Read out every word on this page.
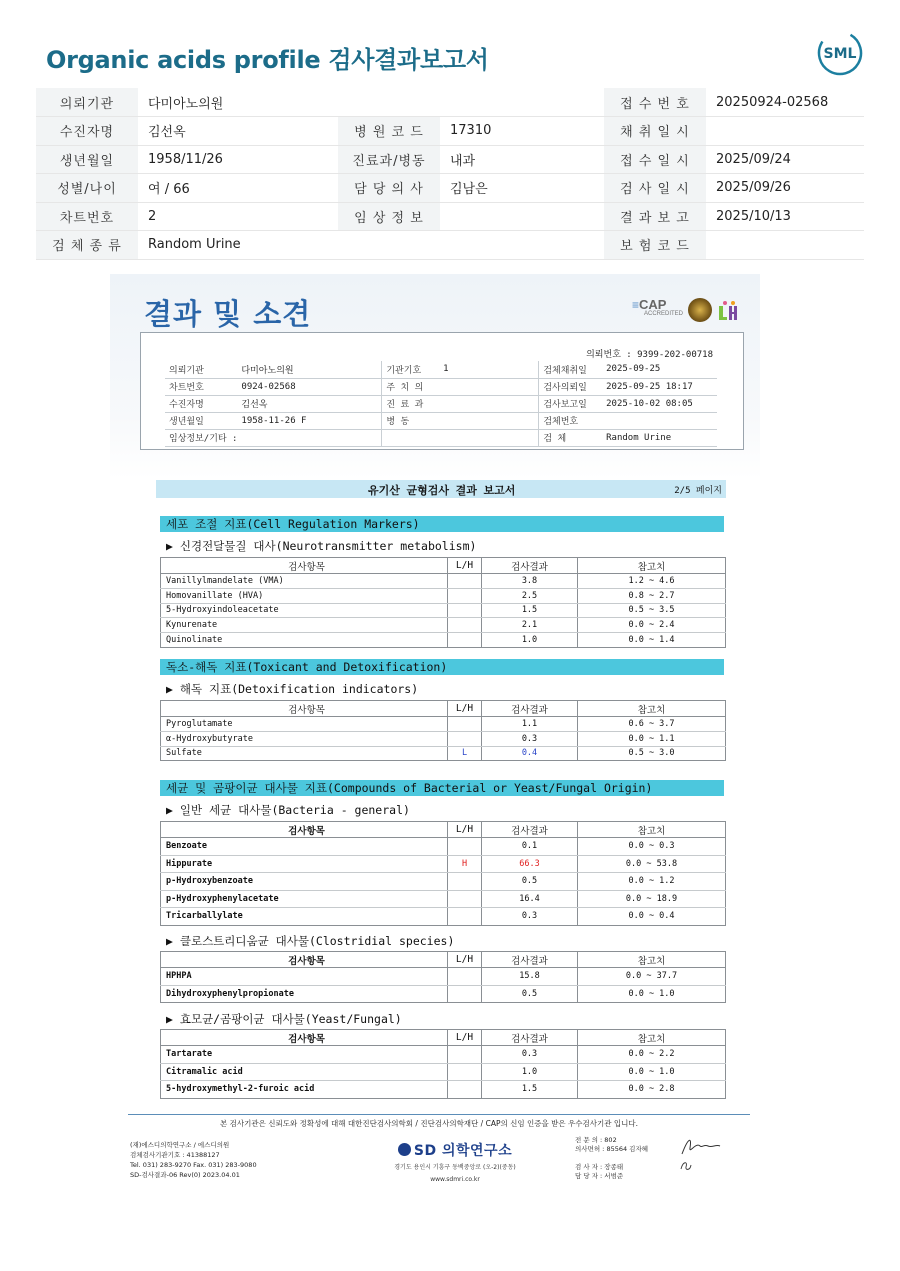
Organic acids profile 검사결과보고서	SML
의뢰기관	다미아노의원			접 수 번 호	20250924-02568
수진자명	김선옥	병 원 코 드	17310	채 취 일 시	
생년월일	1958/11/26	진료과/병동	내과	접 수 일 시	2025/09/24
성별/나이	여 / 66	담 당 의 사	김남은	검 사 일 시	2025/09/26
차트번호	2	임 상 정 보		결 과 보 고	2025/10/13
검 체 종 류	Random Urine			보 험 코 드	
결과 및 소견	≡CAP
ACCREDITED
의뢰번호 : 9399-202-00718
의뢰기관	다미아노의원	기관기호	1	검체채취일	2025-09-25
차트번호	0924-02568	주 치 의		검사의뢰일	2025-09-25 18:17
수진자명	김선옥	진 료 과		검사보고일	2025-10-02 08:05
생년월일	1958-11-26 F	병 동		검체번호	
임상정보/기타 :				검 체	Random Urine
유기산 균형검사 결과 보고서	2/5 페이지
세포 조절 지표(Cell Regulation Markers)
▶ 신경전달물질 대사(Neurotransmitter metabolism)
검사항목	L/H	검사결과	참고치
Vanillylmandelate (VMA)		3.8	1.2 ~ 4.6
Homovanillate (HVA)		2.5	0.8 ~ 2.7
5-Hydroxyindoleacetate		1.5	0.5 ~ 3.5
Kynurenate		2.1	0.0 ~ 2.4
Quinolinate		1.0	0.0 ~ 1.4
독소-해독 지표(Toxicant and Detoxification)
▶ 해독 지표(Detoxification indicators)
검사항목	L/H	검사결과	참고치
Pyroglutamate		1.1	0.6 ~ 3.7
α-Hydroxybutyrate		0.3	0.0 ~ 1.1
Sulfate	L	0.4	0.5 ~ 3.0
세균 및 곰팡이균 대사물 지표(Compounds of Bacterial or Yeast/Fungal Origin)
▶ 일반 세균 대사물(Bacteria - general)
검사항목	L/H	검사결과	참고치
Benzoate		0.1	0.0 ~ 0.3
Hippurate	H	66.3	0.0 ~ 53.8
p-Hydroxybenzoate		0.5	0.0 ~ 1.2
p-Hydroxyphenylacetate		16.4	0.0 ~ 18.9
Tricarballylate		0.3	0.0 ~ 0.4
▶ 클로스트리디움균 대사물(Clostridial species)
검사항목	L/H	검사결과	참고치
HPHPA		15.8	0.0 ~ 37.7
Dihydroxyphenylpropionate		0.5	0.0 ~ 1.0
▶ 효모균/곰팡이균 대사물(Yeast/Fungal)
검사항목	L/H	검사결과	참고치
Tartarate		0.3	0.0 ~ 2.2
Citramalic acid		1.0	0.0 ~ 1.0
5-hydroxymethyl-2-furoic acid		1.5	0.0 ~ 2.8
본 검사기관은 신뢰도와 정확성에 대해 대한진단검사의학회 / 진단검사의학재단 / CAP의 신임 인증을 받은 우수검사기관 입니다.
(재)에스디의학연구소 / 에스디의원
검체검사기관기호 : 41388127
Tel. 031) 283-9270 Fax. 031) 283-9080
SD-검사결과-06 Rev(0) 2023.04.01
SD 의학연구소
경기도 용인시 기흥구 동백중앙로 (오-2)(중동)
www.sdmri.co.kr
전 문 의 : 802
의사면허 : 85564 김자혜
검 사 자 : 장종태
담 당 자 : 서범준
